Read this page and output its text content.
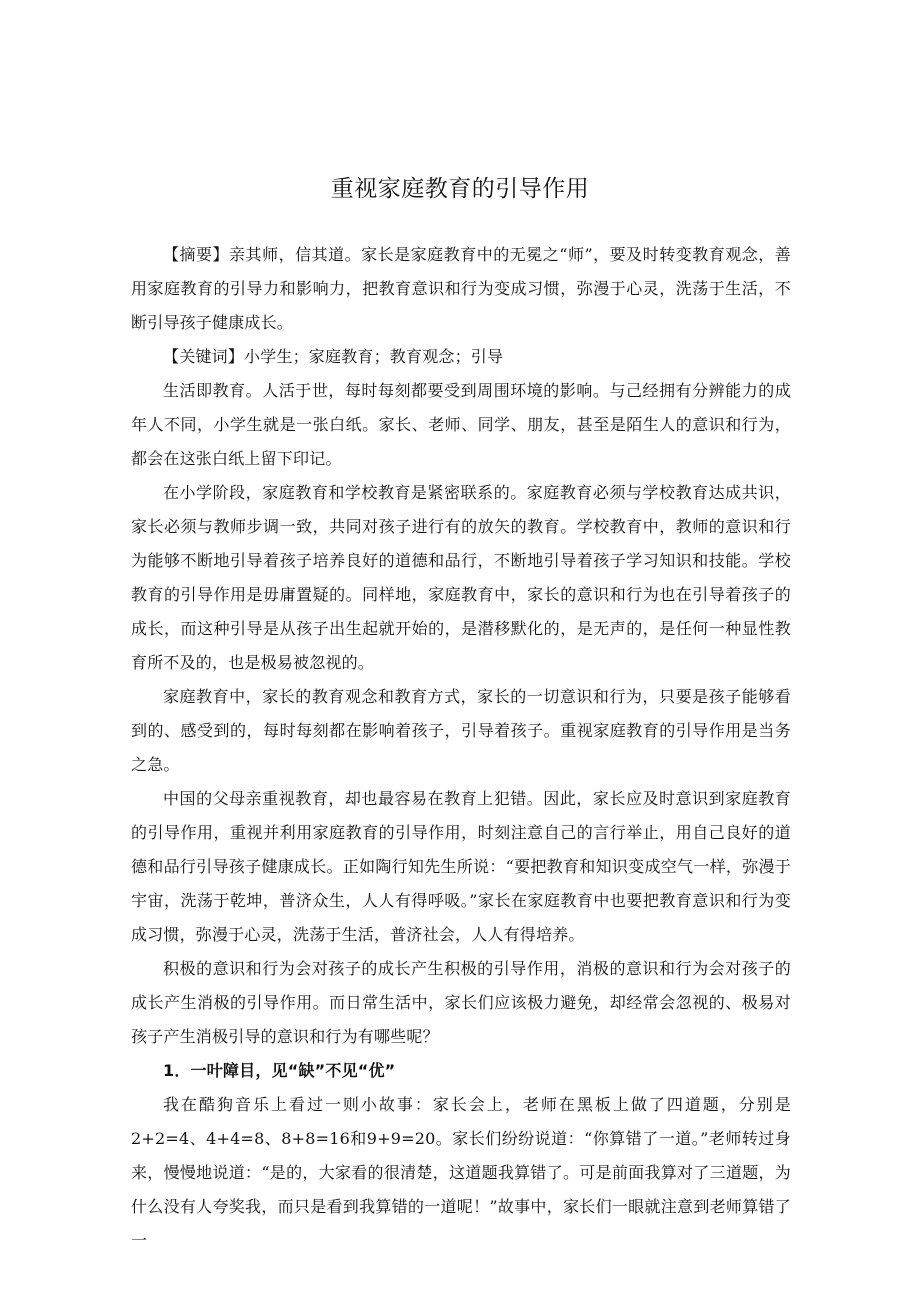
重视家庭教育的引导作用

【摘要】亲其师，信其道。家长是家庭教育中的无冕之“师”，要及时转变教育观念，善用家庭教育的引导力和影响力，把教育意识和行为变成习惯，弥漫于心灵，洗荡于生活，不断引导孩子健康成长。

【关键词】小学生；家庭教育；教育观念；引导

生活即教育。人活于世，每时每刻都要受到周围环境的影响。与己经拥有分辨能力的成年人不同，小学生就是一张白纸。家长、老师、同学、朋友，甚至是陌生人的意识和行为，都会在这张白纸上留下印记。

在小学阶段，家庭教育和学校教育是紧密联系的。家庭教育必须与学校教育达成共识，家长必须与教师步调一致，共同对孩子进行有的放矢的教育。学校教育中，教师的意识和行为能够不断地引导着孩子培养良好的道德和品行，不断地引导着孩子学习知识和技能。学校教育的引导作用是毋庸置疑的。同样地，家庭教育中，家长的意识和行为也在引导着孩子的成长，而这种引导是从孩子出生起就开始的，是潜移默化的，是无声的，是任何一种显性教育所不及的，也是极易被忽视的。

家庭教育中，家长的教育观念和教育方式，家长的一切意识和行为，只要是孩子能够看到的、感受到的，每时每刻都在影响着孩子，引导着孩子。重视家庭教育的引导作用是当务之急。

中国的父母亲重视教育，却也最容易在教育上犯错。因此，家长应及时意识到家庭教育的引导作用，重视并利用家庭教育的引导作用，时刻注意自己的言行举止，用自己良好的道德和品行引导孩子健康成长。正如陶行知先生所说：“要把教育和知识变成空气一样，弥漫于宇宙，洗荡于乾坤，普济众生，人人有得呼吸。”家长在家庭教育中也要把教育意识和行为变成习惯，弥漫于心灵，洗荡于生活，普济社会，人人有得培养。

积极的意识和行为会对孩子的成长产生积极的引导作用，消极的意识和行为会对孩子的成长产生消极的引导作用。而日常生活中，家长们应该极力避免，却经常会忽视的、极易对孩子产生消极引导的意识和行为有哪些呢？

1．一叶障目，见“缺”不见“优”

我在酷狗音乐上看过一则小故事：家长会上，老师在黑板上做了四道题，分别是2+2=4、4+4=8、8+8=16和9+9=20。家长们纷纷说道：“你算错了一道。”老师转过身来，慢慢地说道：“是的，大家看的很清楚，这道题我算错了。可是前面我算对了三道题，为什么没有人夸奖我，而只是看到我算错的一道呢！”故事中，家长们一眼就注意到老师算错了一
